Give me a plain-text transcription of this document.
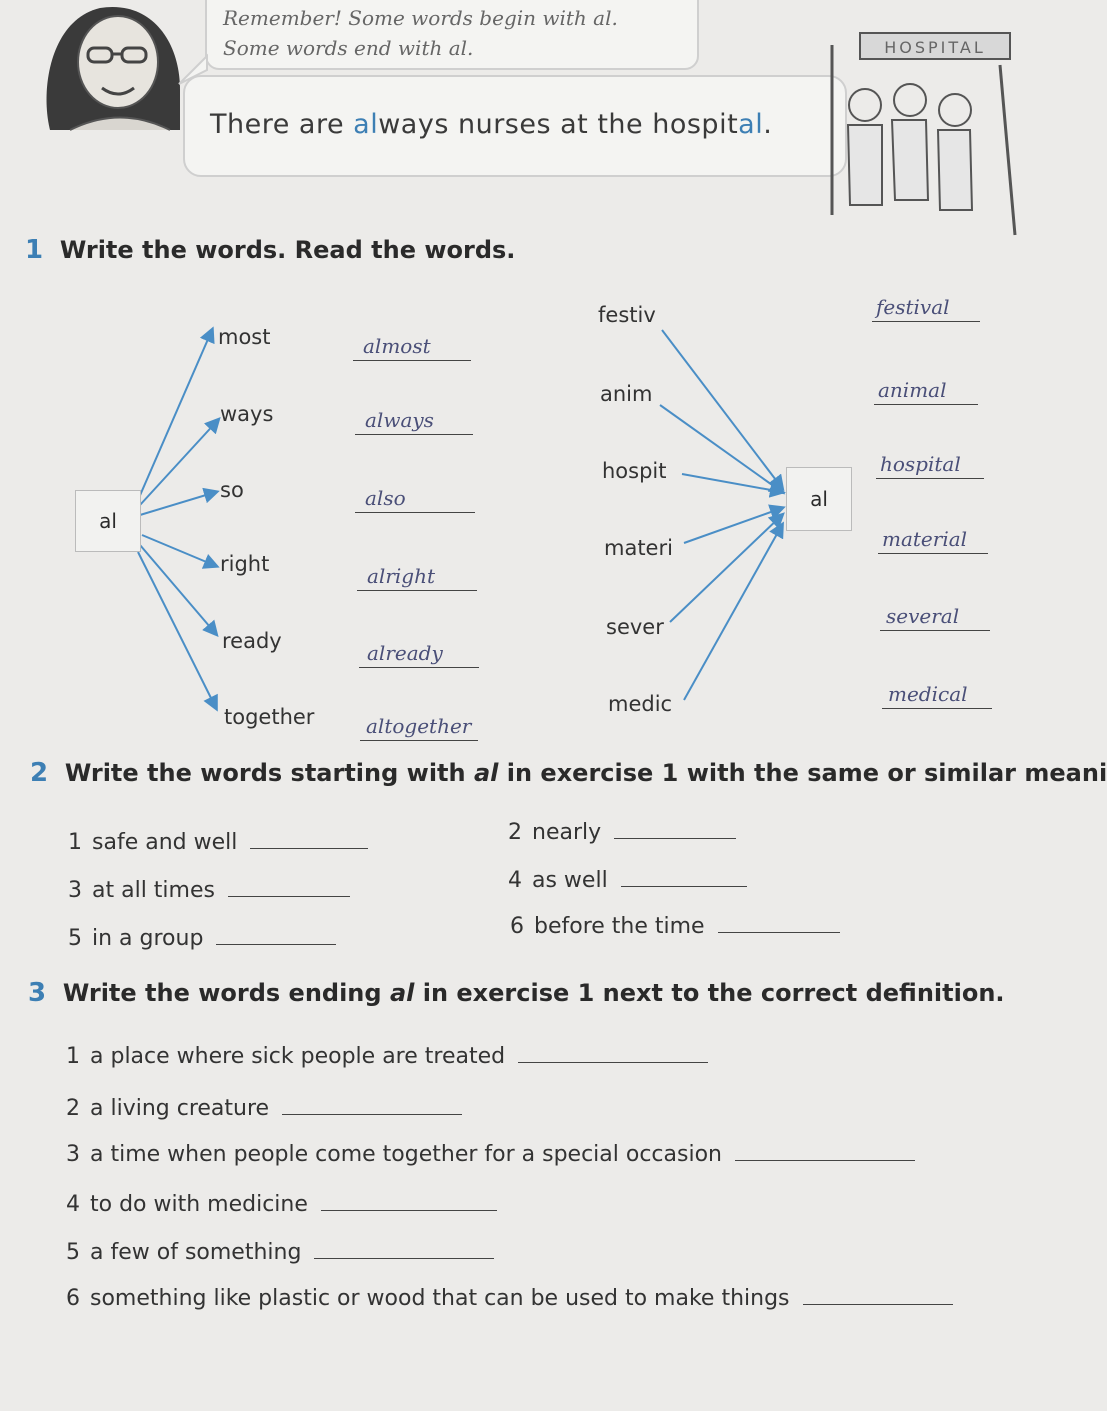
Remember! Some words begin with al.
Some words end with al.
There are always nurses at the hospital.
HOSPITAL
1 Write the words. Read the words.
al
al
most
ways
so
right
ready
together
almost
always
also
alright
already
altogether
festiv
anim
hospit
materi
sever
medic
festival
animal
hospital
material
several
medical
2 Write the words starting with al in exercise 1 with the same or similar meani
1 safe and well	2 nearly
3 at all times	4 as well
5 in a group	6 before the time
3 Write the words ending al in exercise 1 next to the correct definition.
1 a place where sick people are treated
2 a living creature
3 a time when people come together for a special occasion
4 to do with medicine
5 a few of something
6 something like plastic or wood that can be used to make things
